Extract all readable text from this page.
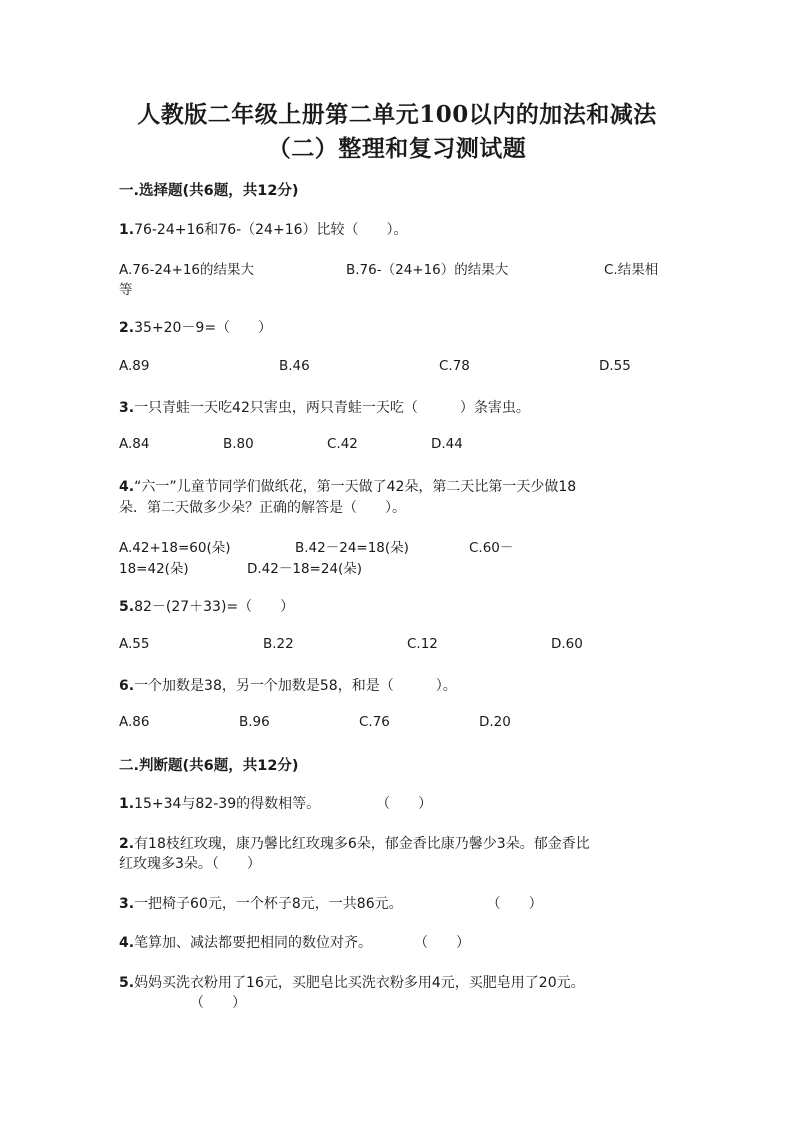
人教版二年级上册第二单元100以内的加法和减法
（二）整理和复习测试题
一.选择题(共6题，共12分)
1.76-24+16和76-（24+16）比较（　　）。
A.76-24+16的结果大	B.76-（24+16）的结果大	C.结果相
等
2.35+20－9=（　　）
A.89	B.46	C.78	D.55
3.一只青蛙一天吃42只害虫，两只青蛙一天吃（　　　）条害虫。
A.84	B.80	C.42	D.44
4.“六一”儿童节同学们做纸花，第一天做了42朵，第二天比第一天少做18
朵．第二天做多少朵？正确的解答是（　　）。
A.42+18=60(朵)	B.42－24=18(朵)	C.60－
18=42(朵)	D.42－18=24(朵)
5.82－(27＋33)=（　　）
A.55	B.22	C.12	D.60
6.一个加数是38，另一个加数是58，和是（　　　）。
A.86	B.96	C.76	D.20
二.判断题(共6题，共12分)
1.15+34与82-39的得数相等。　　　　　（　　）
2.有18枝红玫瑰，康乃馨比红玫瑰多6朵，郁金香比康乃馨少3朵。郁金香比
红玫瑰多3朵。（　　）
3.一把椅子60元，一个杯子8元，一共86元。　　　　　　　（　　）
4.笔算加、减法都要把相同的数位对齐。　　　　（　　）
5.妈妈买洗衣粉用了16元，买肥皂比买洗衣粉多用4元，买肥皂用了20元。
（　　）
